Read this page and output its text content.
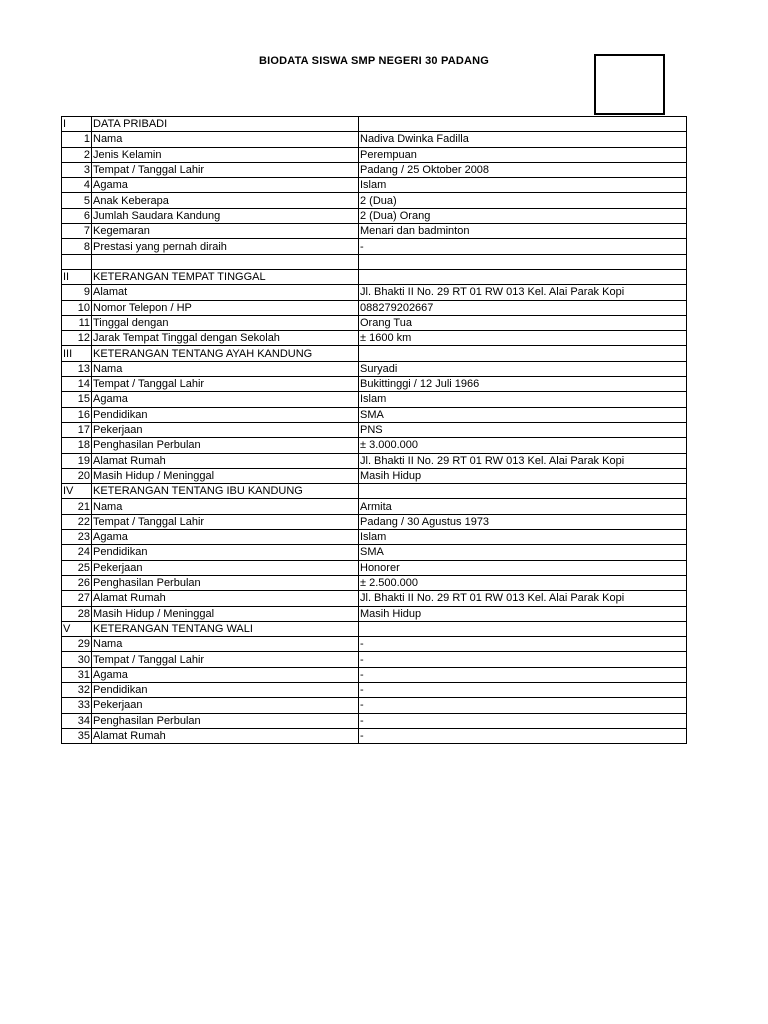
BIODATA SISWA SMP NEGERI 30 PADANG
I	DATA PRIBADI	
1	Nama	Nadiva Dwinka Fadilla
2	Jenis Kelamin	Perempuan
3	Tempat / Tanggal Lahir	Padang / 25 Oktober 2008
4	Agama	Islam
5	Anak Keberapa	2 (Dua)
6	Jumlah Saudara Kandung	2 (Dua) Orang
7	Kegemaran	Menari dan badminton
8	Prestasi yang pernah diraih	-

II	KETERANGAN TEMPAT TINGGAL	
9	Alamat	Jl. Bhakti II No. 29 RT 01 RW 013 Kel. Alai Parak Kopi
10	Nomor Telepon / HP	088279202667
11	Tinggal dengan	Orang Tua
12	Jarak Tempat Tinggal dengan Sekolah	± 1600 km
III	KETERANGAN TENTANG AYAH KANDUNG	
13	Nama	Suryadi
14	Tempat / Tanggal Lahir	Bukittinggi / 12 Juli 1966
15	Agama	Islam
16	Pendidikan	SMA
17	Pekerjaan	PNS
18	Penghasilan Perbulan	± 3.000.000
19	Alamat Rumah	Jl. Bhakti II No. 29 RT 01 RW 013 Kel. Alai Parak Kopi
20	Masih Hidup / Meninggal	Masih Hidup
IV	KETERANGAN TENTANG IBU KANDUNG	
21	Nama	Armita
22	Tempat / Tanggal Lahir	Padang / 30 Agustus 1973
23	Agama	Islam
24	Pendidikan	SMA
25	Pekerjaan	Honorer
26	Penghasilan Perbulan	± 2.500.000
27	Alamat Rumah	Jl. Bhakti II No. 29 RT 01 RW 013 Kel. Alai Parak Kopi
28	Masih Hidup / Meninggal	Masih Hidup
V	KETERANGAN TENTANG WALI	
29	Nama	-
30	Tempat / Tanggal Lahir	-
31	Agama	-
32	Pendidikan	-
33	Pekerjaan	-
34	Penghasilan Perbulan	-
35	Alamat Rumah	-
